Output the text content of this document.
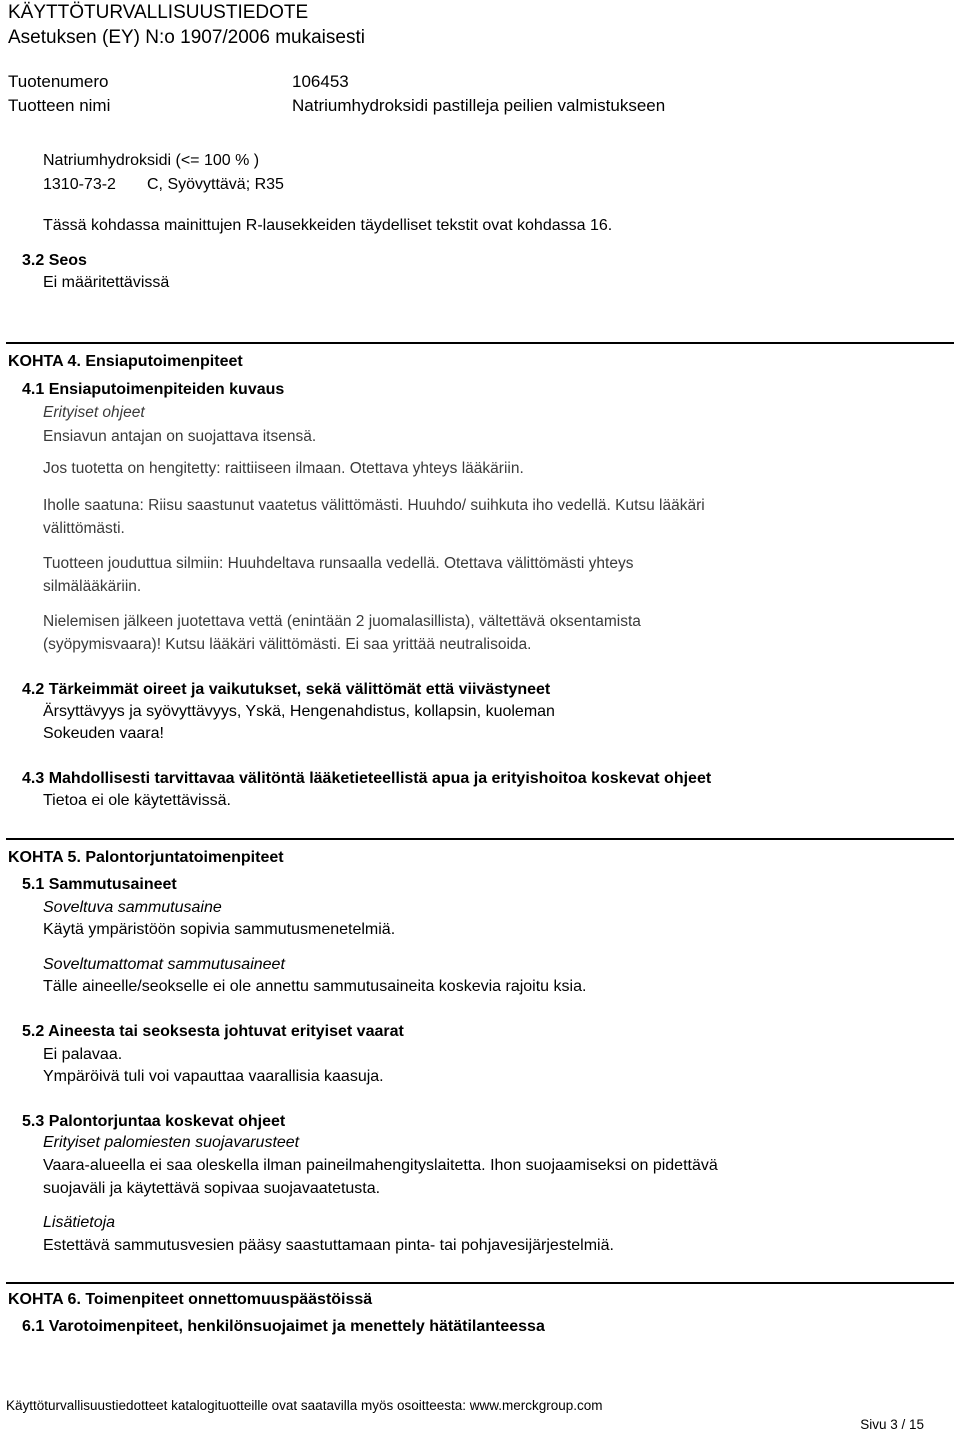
KÄYTTÖTURVALLISUUSTIEDOTE
Asetuksen (EY) N:o 1907/2006 mukaisesti
Tuotenumero	106453
Tuotteen nimi	Natriumhydroksidi pastilleja peilien valmistukseen
Natriumhydroksidi (<= 100 % )
1310-73-2 C, Syövyttävä; R35
Tässä kohdassa mainittujen R-lausekkeiden täydelliset tekstit ovat kohdassa 16.
3.2 Seos
Ei määritettävissä
KOHTA 4. Ensiaputoimenpiteet
4.1 Ensiaputoimenpiteiden kuvaus
Erityiset ohjeet
Ensiavun antajan on suojattava itsensä.
Jos tuotetta on hengitetty: raittiiseen ilmaan. Otettava yhteys lääkäriin.
Iholle saatuna: Riisu saastunut vaatetus välittömästi. Huuhdo/ suihkuta iho vedellä. Kutsu lääkäri
välittömästi.
Tuotteen jouduttua silmiin: Huuhdeltava runsaalla vedellä. Otettava välittömästi yhteys
silmälääkäriin.
Nielemisen jälkeen juotettava vettä (enintään 2 juomalasillista), vältettävä oksentamista
(syöpymisvaara)! Kutsu lääkäri välittömästi. Ei saa yrittää neutralisoida.
4.2 Tärkeimmät oireet ja vaikutukset, sekä välittömät että viivästyneet
Ärsyttävyys ja syövyttävyys, Yskä, Hengenahdistus, kollapsin, kuoleman
Sokeuden vaara!
4.3 Mahdollisesti tarvittavaa välitöntä lääketieteellistä apua ja erityishoitoa koskevat ohjeet
Tietoa ei ole käytettävissä.
KOHTA 5. Palontorjuntatoimenpiteet
5.1 Sammutusaineet
Soveltuva sammutusaine
Käytä ympäristöön sopivia sammutusmenetelmiä.
Soveltumattomat sammutusaineet
Tälle aineelle/seokselle ei ole annettu sammutusaineita koskevia rajoitu ksia.
5.2 Aineesta tai seoksesta johtuvat erityiset vaarat
Ei palavaa.
Ympäröivä tuli voi vapauttaa vaarallisia kaasuja.
5.3 Palontorjuntaa koskevat ohjeet
Erityiset palomiesten suojavarusteet
Vaara-alueella ei saa oleskella ilman paineilmahengityslaitetta. Ihon suojaamiseksi on pidettävä
suojaväli ja käytettävä sopivaa suojavaatetusta.
Lisätietoja
Estettävä sammutusvesien pääsy saastuttamaan pinta- tai pohjavesijärjestelmiä.
KOHTA 6. Toimenpiteet onnettomuuspäästöissä
6.1 Varotoimenpiteet, henkilönsuojaimet ja menettely hätätilanteessa
Käyttöturvallisuustiedotteet katalogituotteille ovat saatavilla myös osoitteesta: www.merckgroup.com
Sivu 3 / 15
